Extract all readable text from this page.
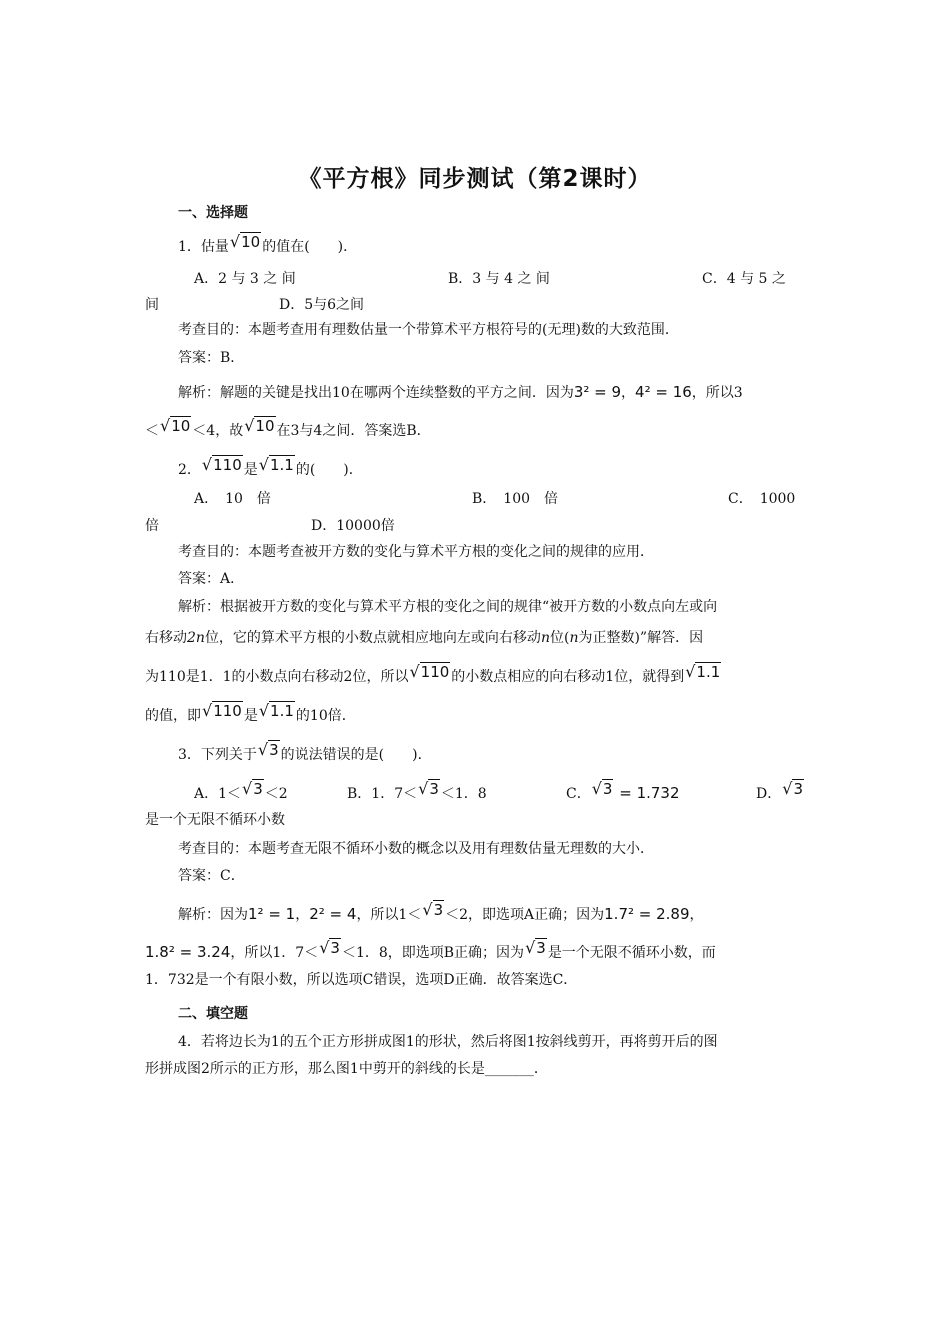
《平方根》同步测试（第2课时）
一、选择题
1．估量√10 的值在(　　)．
A．2 与 3 之 间	B．3 与 4 之 间	C．4 与 5 之
间	D．5与6之间
考查目的：本题考查用有理数估量一个带算术平方根符号的(无理)数的大致范围．
答案：B．
解析：解题的关键是找出10在哪两个连续整数的平方之间．因为3² = 9，4² = 16，所以3
＜√10 ＜4，故√10 在3与4之间．答案选B．
2．√110 是√1.1 的(　　)．
A．　10　倍	B．　100　倍	C．　1000
倍	D．10000倍
考查目的：本题考查被开方数的变化与算术平方根的变化之间的规律的应用．
答案：A．
解析：根据被开方数的变化与算术平方根的变化之间的规律“被开方数的小数点向左或向
右移动2n位，它的算术平方根的小数点就相应地向左或向右移动n位(n为正整数)”解答．因
为110是1．1的小数点向右移动2位，所以√110 的小数点相应的向右移动1位，就得到√1.1
的值，即√110 是√1.1 的10倍．
3．下列关于√3 的说法错误的是(　　)．
A．1＜√3 ＜2	B．1．7＜√3 ＜1．8	C．√3 = 1.732	D．√3
是一个无限不循环小数
考查目的：本题考查无限不循环小数的概念以及用有理数估量无理数的大小．
答案：C．
解析：因为1² = 1，2² = 4，所以1＜√3 ＜2，即选项A正确；因为1.7² = 2.89，
1.8² = 3.24，所以1．7＜√3 ＜1．8，即选项B正确；因为√3 是一个无限不循环小数，而
1．732是一个有限小数，所以选项C错误，选项D正确．故答案选C．
二、填空题
4．若将边长为1的五个正方形拼成图1的形状，然后将图1按斜线剪开，再将剪开后的图
形拼成图2所示的正方形，那么图1中剪开的斜线的长是_______．
